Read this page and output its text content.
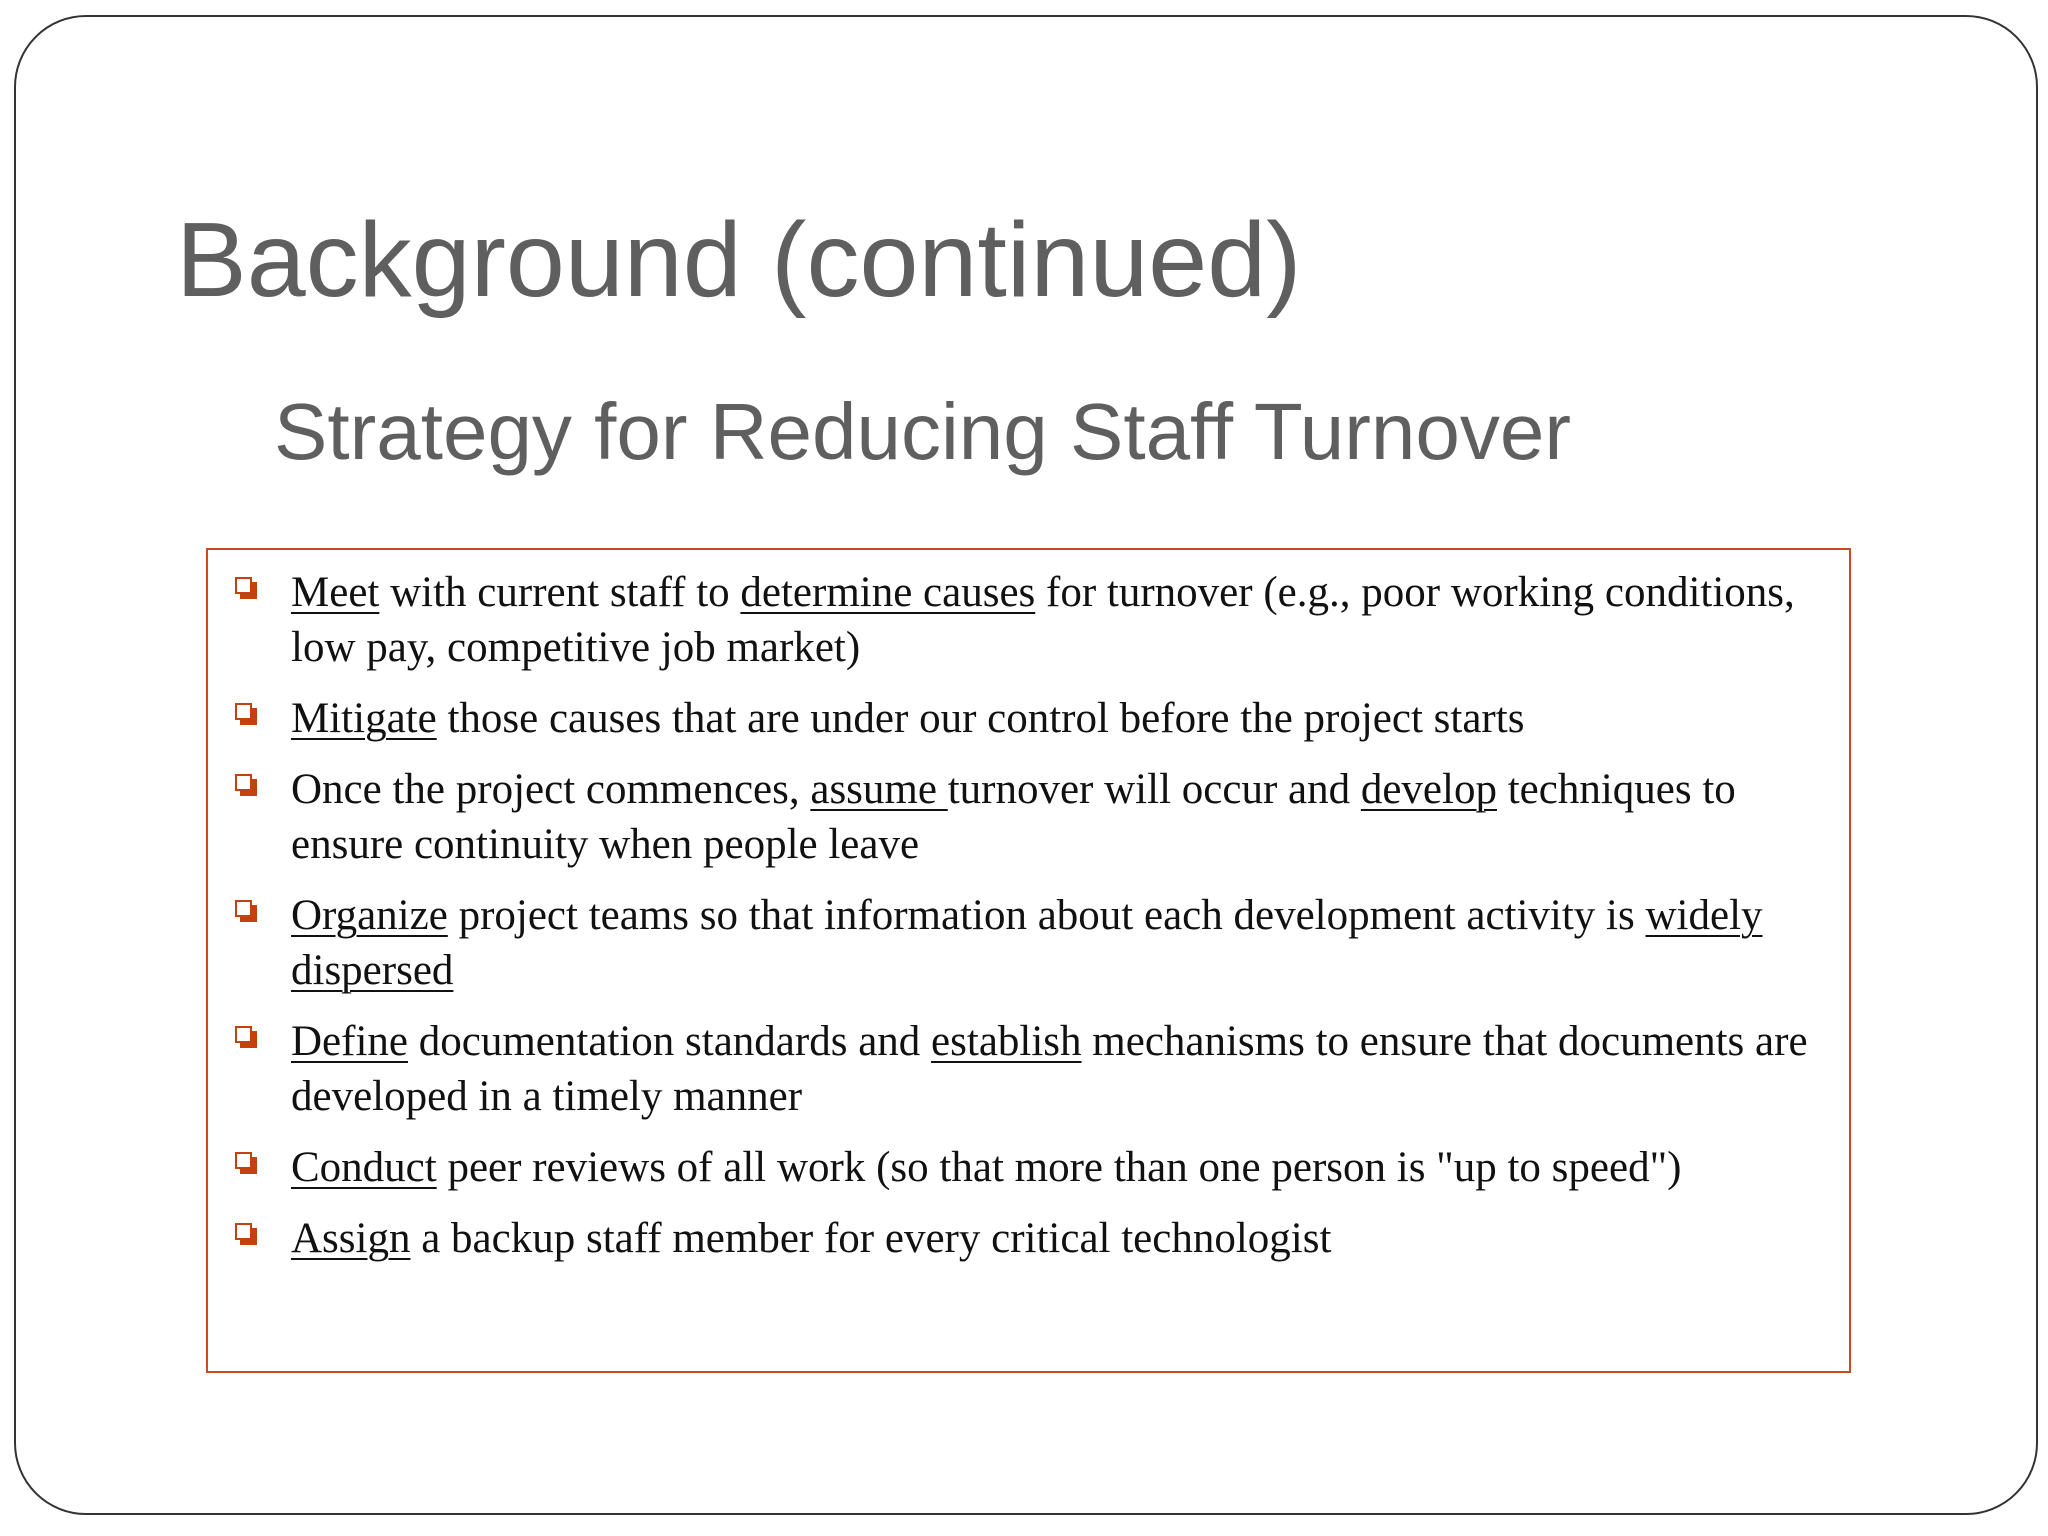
Background (continued)
Strategy for Reducing Staff Turnover
Meet with current staff to determine causes for turnover (e.g., poor working conditions, low pay, competitive job market)
Mitigate those causes that are under our control before the project starts
Once the project commences, assume turnover will occur and develop techniques to ensure continuity when people leave
Organize project teams so that information about each development activity is widely dispersed
Define documentation standards and establish mechanisms to ensure that documents are developed in a timely manner
Conduct peer reviews of all work (so that more than one person is "up to speed")
Assign a backup staff member for every critical technologist
